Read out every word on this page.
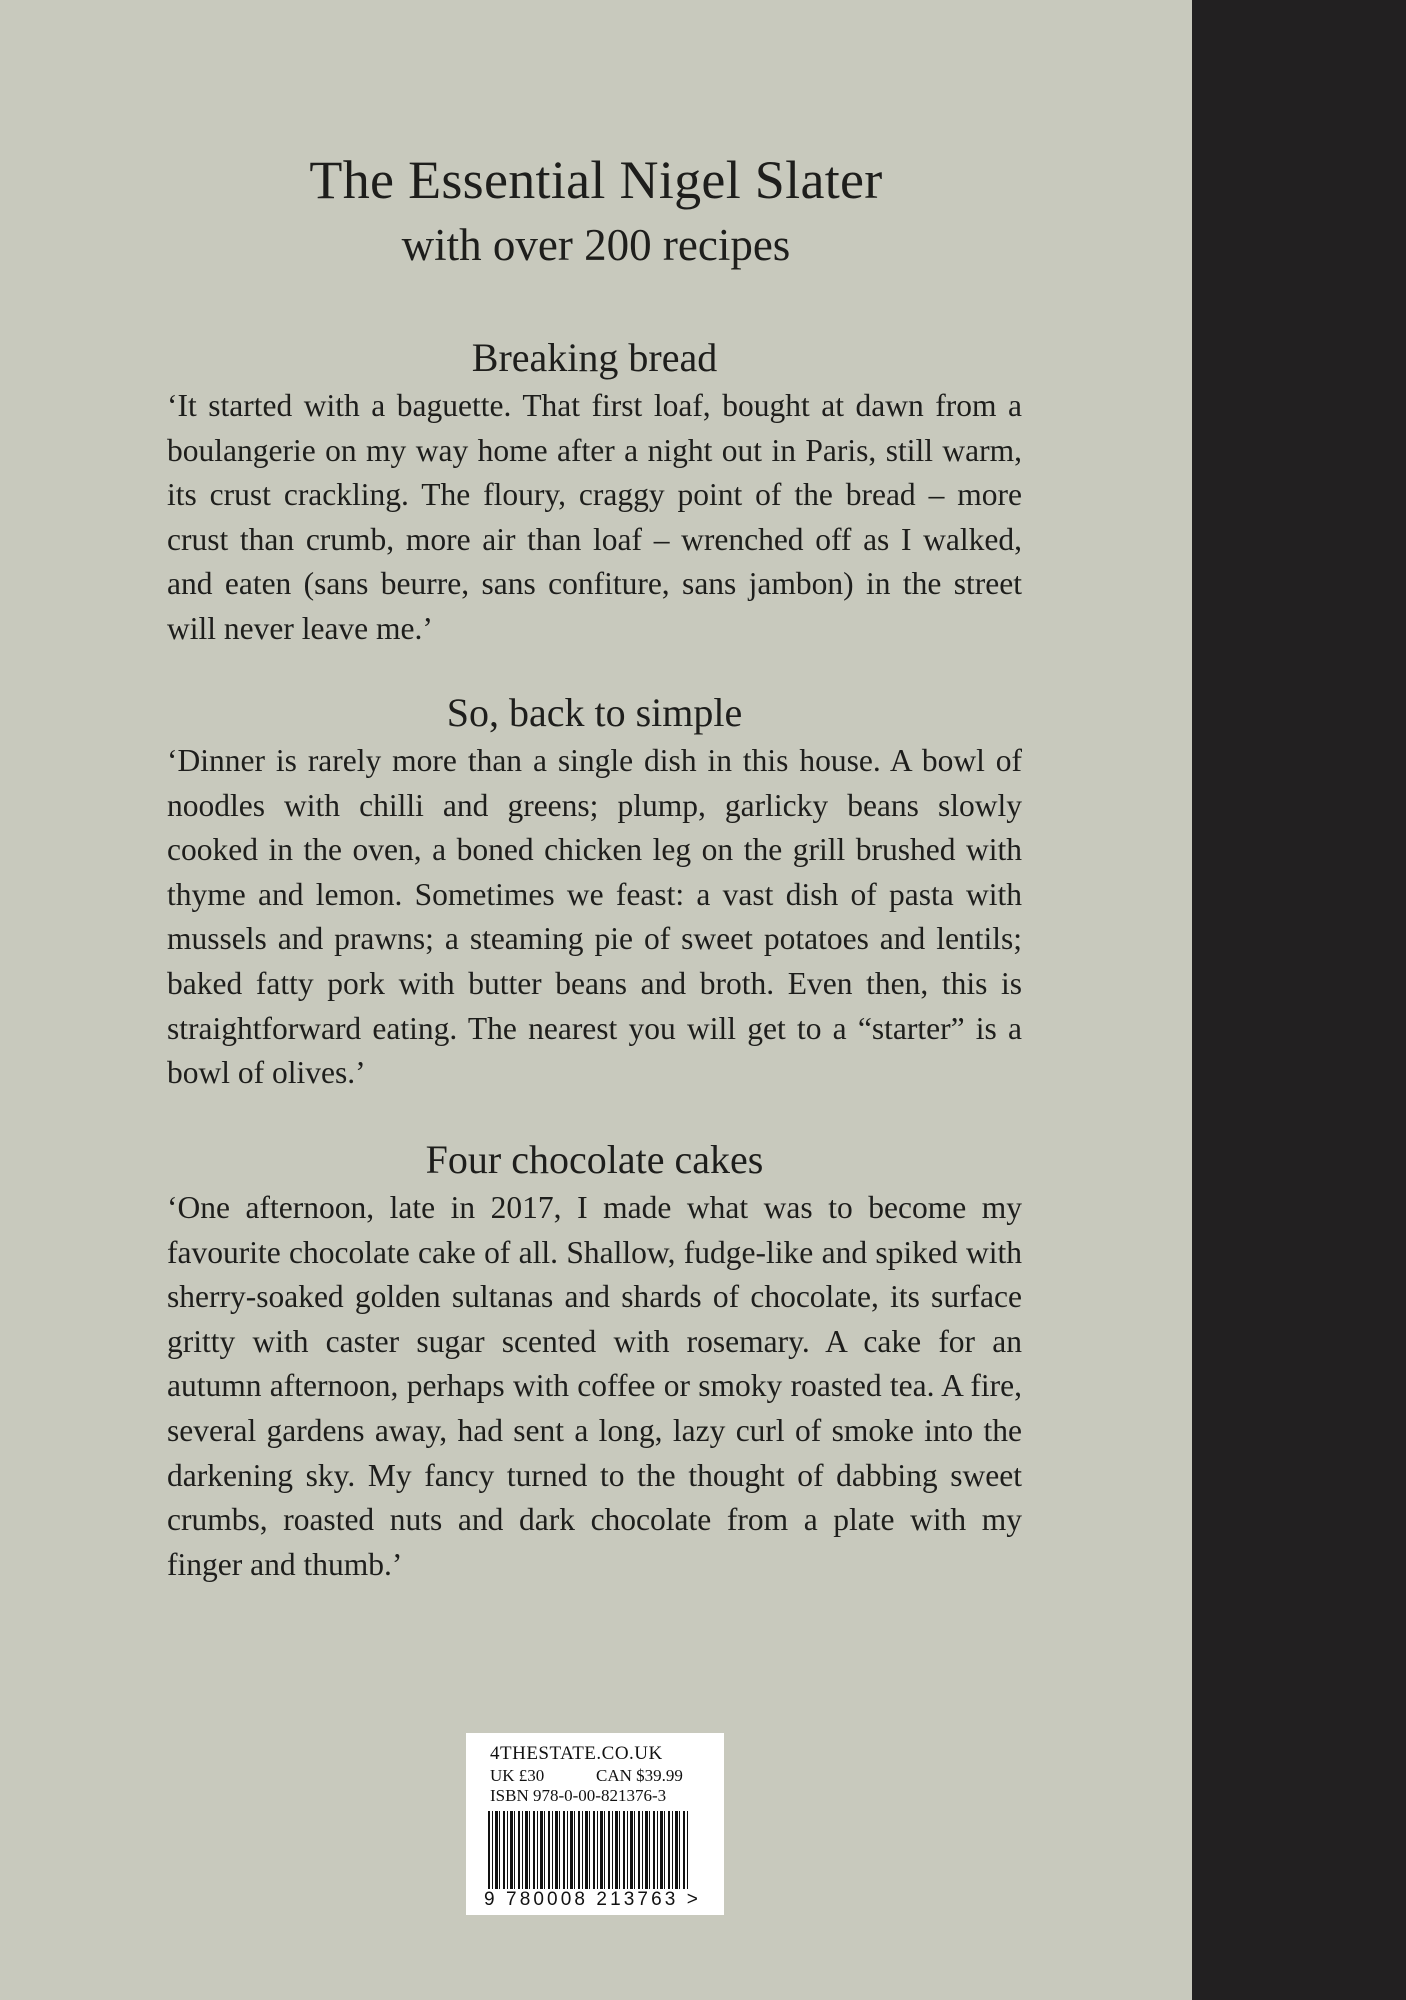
The Essential Nigel Slater
with over 200 recipes
Breaking bread

‘It started with a baguette. That first loaf, bought at dawn from a boulangerie on my way home after a night out in Paris, still warm, its crust crackling. The floury, craggy point of the bread – more crust than crumb, more air than loaf – wrenched off as I walked, and eaten (sans beurre, sans confiture, sans jambon) in the street will never leave me.’

So, back to simple

‘Dinner is rarely more than a single dish in this house. A bowl of noodles with chilli and greens; plump, garlicky beans slowly cooked in the oven, a boned chicken leg on the grill brushed with thyme and lemon. Sometimes we feast: a vast dish of pasta with mussels and prawns; a steaming pie of sweet potatoes and lentils; baked fatty pork with butter beans and broth. Even then, this is straightforward eating. The nearest you will get to a “starter” is a bowl of olives.’

Four chocolate cakes

‘One afternoon, late in 2017, I made what was to become my favourite chocolate cake of all. Shallow, fudge-like and spiked with sherry-soaked golden sultanas and shards of chocolate, its surface gritty with caster sugar scented with rosemary. A cake for an autumn afternoon, perhaps with coffee or smoky roasted tea. A fire, several gardens away, had sent a long, lazy curl of smoke into the darkening sky. My fancy turned to the thought of dabbing sweet crumbs, roasted nuts and dark chocolate from a plate with my finger and thumb.’

4THESTATE.CO.UK
UK £30	CAN $39.99
ISBN 978-0-00-821376-3
9 780008 213763 >
